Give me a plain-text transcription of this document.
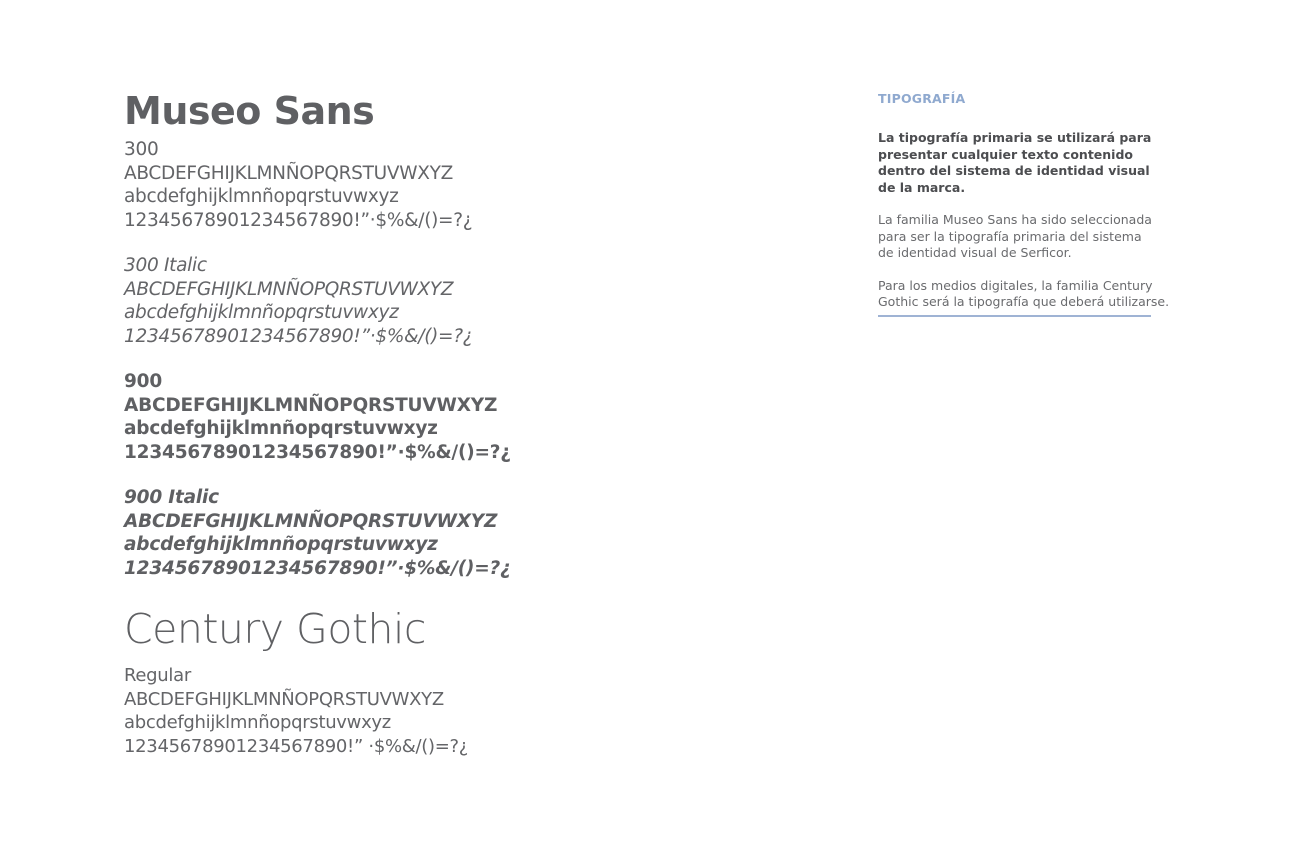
Museo Sans
300
ABCDEFGHIJKLMNÑOPQRSTUVWXYZ
abcdefghijklmnñopqrstuvwxyz
12345678901234567890!”·$%&/()=?¿
300 Italic
ABCDEFGHIJKLMNÑOPQRSTUVWXYZ
abcdefghijklmnñopqrstuvwxyz
12345678901234567890!”·$%&/()=?¿
900
ABCDEFGHIJKLMNÑOPQRSTUVWXYZ
abcdefghijklmnñopqrstuvwxyz
12345678901234567890!”·$%&/()=?¿
900 Italic
ABCDEFGHIJKLMNÑOPQRSTUVWXYZ
abcdefghijklmnñopqrstuvwxyz
12345678901234567890!”·$%&/()=?¿
Century Gothic
Regular
ABCDEFGHIJKLMNÑOPQRSTUVWXYZ
abcdefghijklmnñopqrstuvwxyz
12345678901234567890!” ·$%&/()=?¿
TIPOGRAFÍA
La tipografía primaria se utilizará para
presentar cualquier texto contenido
dentro del sistema de identidad visual
de la marca.
La familia Museo Sans ha sido seleccionada
para ser la tipografía primaria del sistema
de identidad visual de Serficor.
Para los medios digitales, la familia Century
Gothic será la tipografía que deberá utilizarse.
